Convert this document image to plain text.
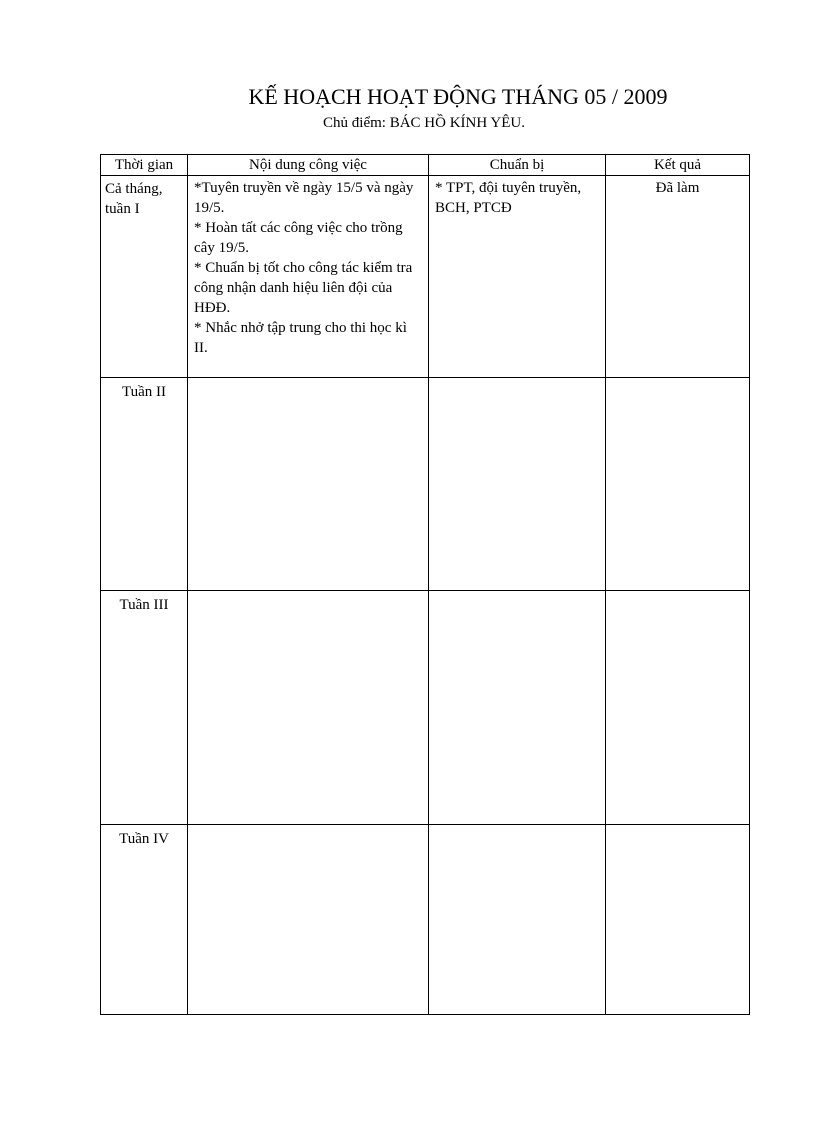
KẾ HOẠCH HOẠT ĐỘNG THÁNG 05 / 2009
Chủ điểm: BÁC HỒ KÍNH YÊU.
Thời gian	Nội dung công việc	Chuẩn bị	Kết quả
Cả tháng, tuần I	*Tuyên truyền về ngày 15/5 và ngày 19/5.
* Hoàn tất các công việc cho trồng cây 19/5.
* Chuẩn bị tốt cho công tác kiểm tra công nhận danh hiệu liên đội của HĐĐ.
* Nhắc nhở tập trung cho thi học kì II.	* TPT, đội tuyên truyền, BCH, PTCĐ	Đã làm
Tuần II			
Tuần III			
Tuần IV			
